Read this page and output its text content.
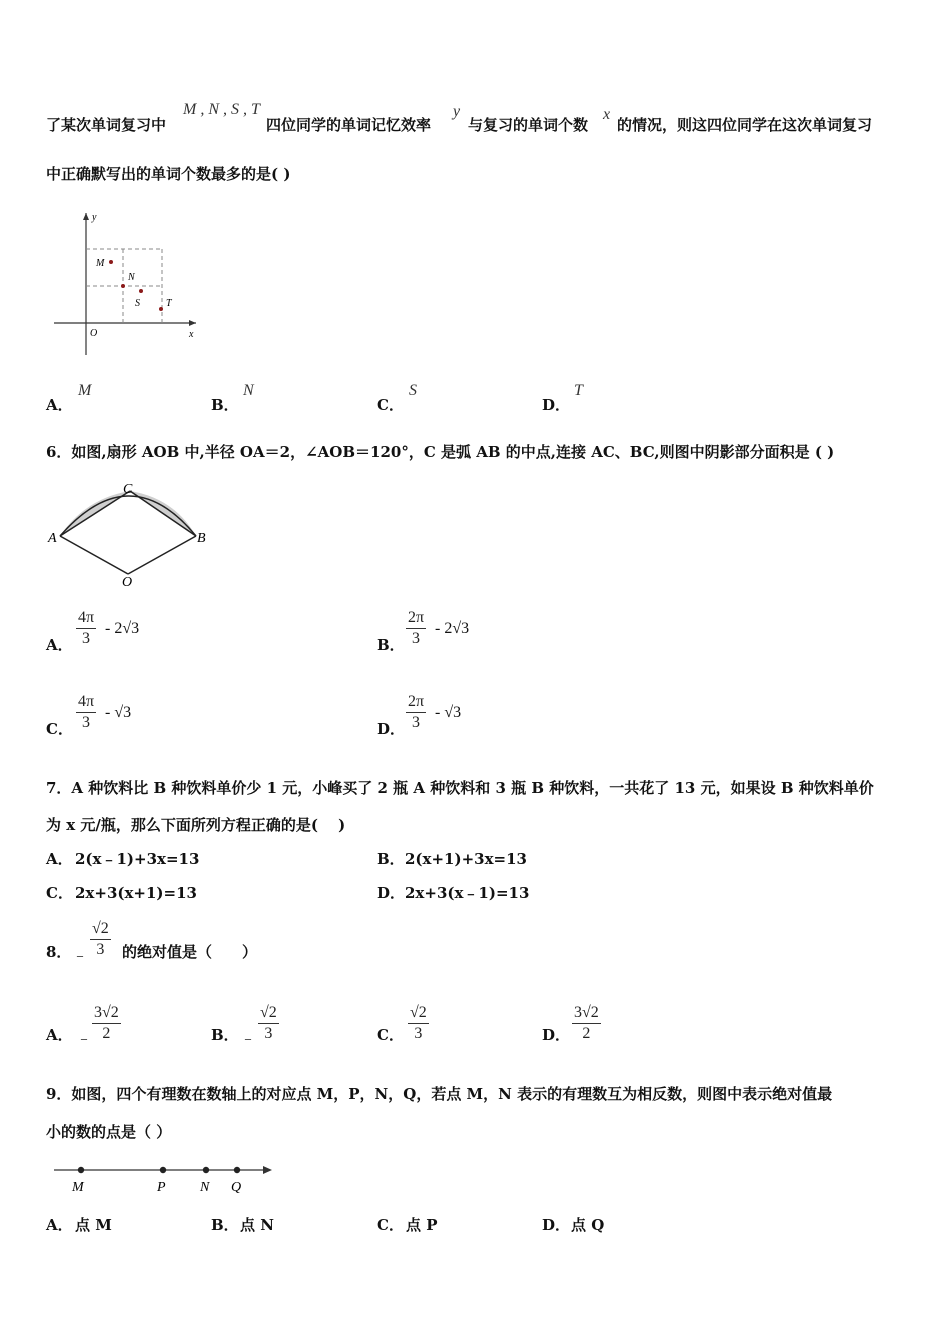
了某次单词复习中
M , N , S , T
四位同学的单词记忆效率
y
与复习的单词个数
x
的情况，则这四位同学在这次单词复习
中正确默写出的单词个数最多的是( )
y
x
O
M
N
S	T
A．
M
B．
N
C．
S
D．
T
6．如图,扇形 AOB 中,半径 OA＝2，∠AOB＝120°，C 是弧 AB 的中点,连接 AC、BC,则图中阴影部分面积是 ( )
A	B
C
O
A．
4π
3
- 2√3
B．
2π
3
- 2√3
C．
4π
3
- √3
D．
2π
3
- √3
7．A 种饮料比 B 种饮料单价少 1 元，小峰买了 2 瓶 A 种饮料和 3 瓶 B 种饮料，一共花了 13 元，如果设 B 种饮料单价
为 x 元/瓶，那么下面所列方程正确的是(　 )
A． 2(x﹣1)+3x=13	B． 2(x+1)+3x=13
C． 2x+3(x+1)=13	D． 2x+3(x﹣1)=13
8． ﹣
√2
3	的绝对值是（　　）
A． ﹣
3√2
2	B． ﹣
√2
3	C．
√2
3	D．
3√2
2
9．如图，四个有理数在数轴上的对应点 M，P，N，Q，若点 M，N 表示的有理数互为相反数，则图中表示绝对值最
小的数的点是（ ）
M	P N Q
A． 点 M	B． 点 N	C． 点 P	D． 点 Q
